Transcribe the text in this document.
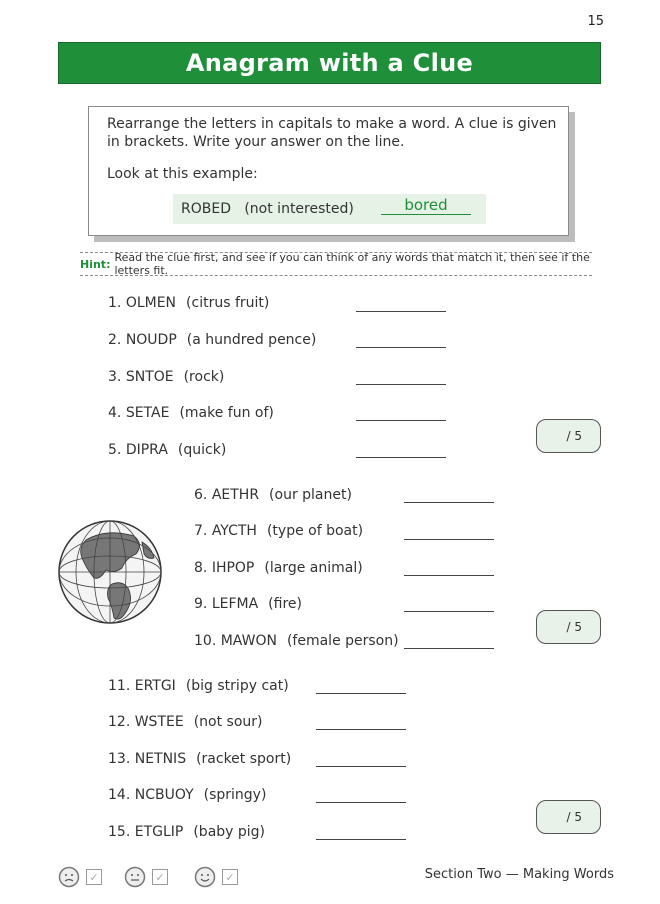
15
Anagram with a Clue

Rearrange the letters in capitals to make a word. A clue is given

in brackets. Write your answer on the line.

Look at this example:

ROBED (not interested)	bored
Hint: Read the clue first, and see if you can think of any words that match it, then see if the letters fit.
1. OLMEN (citrus fruit)
2. NOUDP (a hundred pence)
3. SNTOE (rock)
4. SETAE (make fun of)
5. DIPRA (quick)
/ 5
6. AETHR (our planet)
7. AYCTH (type of boat)
8. IHPOP (large animal)
9. LEFMA (fire)
10. MAWON (female person)
/ 5
11. ERTGI (big stripy cat)
12. WSTEE (not sour)
13. NETNIS (racket sport)
14. NCBUOY (springy)
15. ETGLIP (baby pig)
/ 5
✓	✓	✓	Section Two — Making Words
